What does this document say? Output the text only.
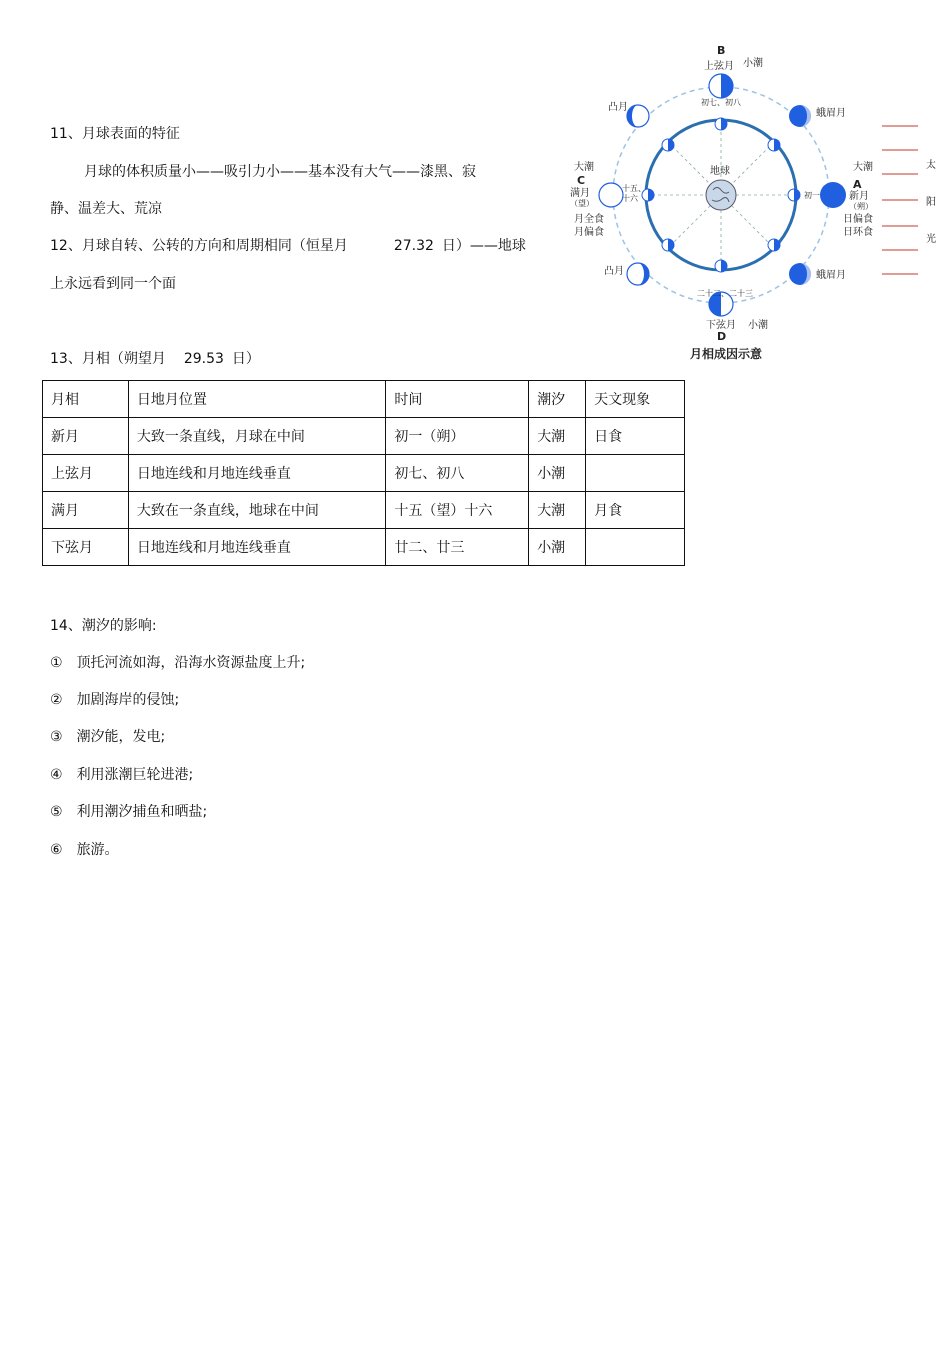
11、月球表面的特征
月球的体积质量小——吸引力小——基本没有大气——漆黑、寂
静、温差大、荒凉
12、月球自转、公转的方向和周期相同（恒星月	27.32 日）——地球
上永远看到同一个面
13、月相（朔望月 29.53 日）
月相	日地月位置	时间	潮汐	天文现象
新月	大致一条直线，月球在中间	初一（朔）	大潮	日食
上弦月	日地连线和月地连线垂直	初七、初八	小潮	
满月	大致在一条直线，地球在中间	十五（望）十六	大潮	月食
下弦月	日地连线和月地连线垂直	廿二、廿三	小潮	
14、潮汐的影响:
① 顶托河流如海，沿海水资源盐度上升;
② 加剧海岸的侵蚀;
③ 潮汐能，发电;
④ 利用涨潮巨轮进港;
⑤ 利用潮汐捕鱼和晒盐;
⑥ 旅游。
地球
B
上弦月 小潮
初七、初八
二十二、二十三
下弦月 小潮
D
大潮
A
新月
（朔）
日偏食
日环食
初一
大潮
C
满月
（望）
月全食
月偏食
十五、
十六
凸月
凸月
蛾眉月
蛾眉月
太
阳
光
月相成因示意
